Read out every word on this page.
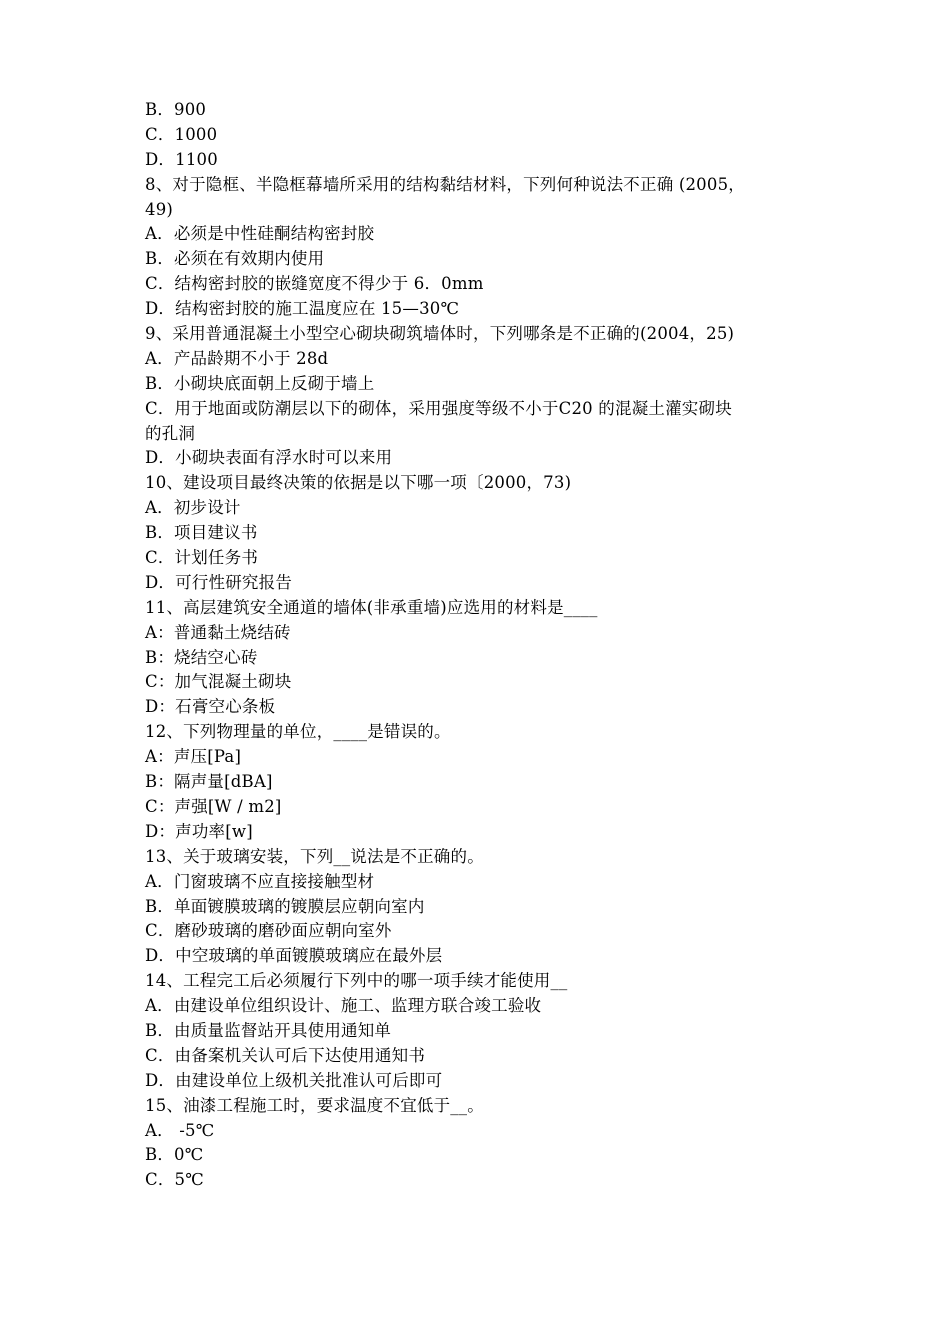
B．900
C．1000
D．1100
8、对于隐框、半隐框幕墙所采用的结构黏结材料，下列何种说法不正确 (2005，
49)
A．必须是中性硅酮结构密封胶
B．必须在有效期内使用
C．结构密封胶的嵌缝宽度不得少于 6．0mm
D．结构密封胶的施工温度应在 15—30℃
9、采用普通混凝土小型空心砌块砌筑墙体时，下列哪条是不正确的(2004，25)
A．产品龄期不小于 28d
B．小砌块底面朝上反砌于墙上
C．用于地面或防潮层以下的砌体，采用强度等级不小于C20 的混凝土灌实砌块
的孔洞
D．小砌块表面有浮水时可以来用
10、建设项目最终决策的依据是以下哪一项〔2000，73)
A．初步设计
B．项目建议书
C．计划任务书
D．可行性研究报告
11、高层建筑安全通道的墙体(非承重墙)应选用的材料是____
A：普通黏土烧结砖
B：烧结空心砖
C：加气混凝土砌块
D：石膏空心条板
12、下列物理量的单位，____是错误的。
A：声压[Pa]
B：隔声量[dBA]
C：声强[W / m2]
D：声功率[w]
13、关于玻璃安装，下列__说法是不正确的。
A．门窗玻璃不应直接接触型材
B．单面镀膜玻璃的镀膜层应朝向室内
C．磨砂玻璃的磨砂面应朝向室外
D．中空玻璃的单面镀膜玻璃应在最外层
14、工程完工后必须履行下列中的哪一项手续才能使用__
A．由建设单位组织设计、施工、监理方联合竣工验收
B．由质量监督站开具使用通知单
C．由备案机关认可后下达使用通知书
D．由建设单位上级机关批准认可后即可
15、油漆工程施工时，要求温度不宜低于__。
A． -5℃
B．0℃
C．5℃
